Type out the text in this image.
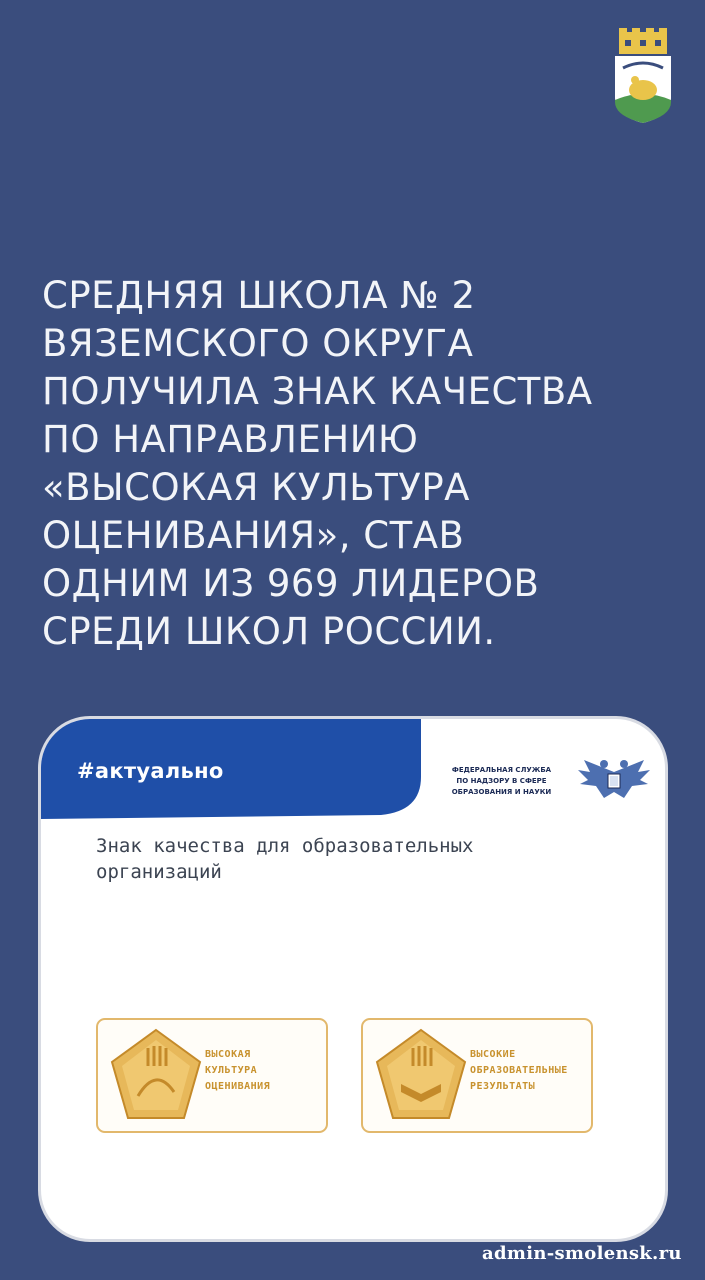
СРЕДНЯЯ ШКОЛА № 2
ВЯЗЕМСКОГО ОКРУГА
ПОЛУЧИЛА ЗНАК КАЧЕСТВА
ПО НАПРАВЛЕНИЮ
«ВЫСОКАЯ КУЛЬТУРА
ОЦЕНИВАНИЯ», СТАВ
ОДНИМ ИЗ 969 ЛИДЕРОВ
СРЕДИ ШКОЛ РОССИИ.
#актуально	ФЕДЕРАЛЬНАЯ СЛУЖБА
ПО НАДЗОРУ В СФЕРЕ
ОБРАЗОВАНИЯ И НАУКИ
Знак качества для образовательных
организаций
ВЫСОКАЯ
КУЛЬТУРА
ОЦЕНИВАНИЯ
ВЫСОКИЕ
ОБРАЗОВАТЕЛЬНЫЕ
РЕЗУЛЬТАТЫ
admin-smolensk.ru
